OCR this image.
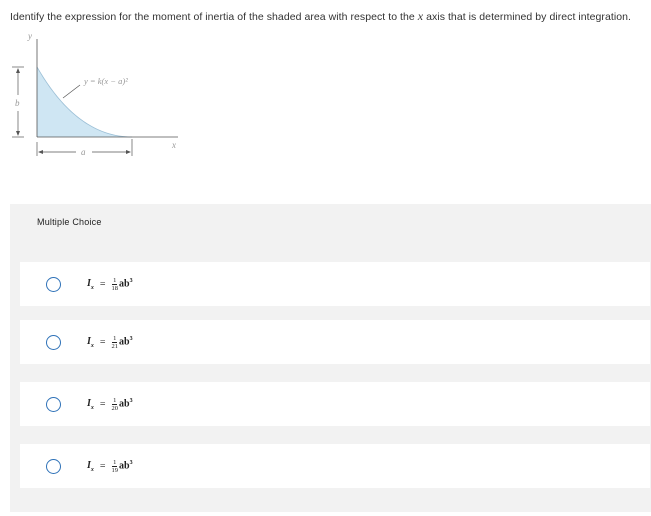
Identify the expression for the moment of inertia of the shaded area with respect to the x axis that is determined by direct integration.
y
x
b
a
y = k(x − a)²
Multiple Choice
$I_x = \frac{1}{18} ab^3$
$I_x = \frac{1}{21} ab^3$
$I_x = \frac{1}{20} ab^3$
$I_x = \frac{1}{19} ab^3$
